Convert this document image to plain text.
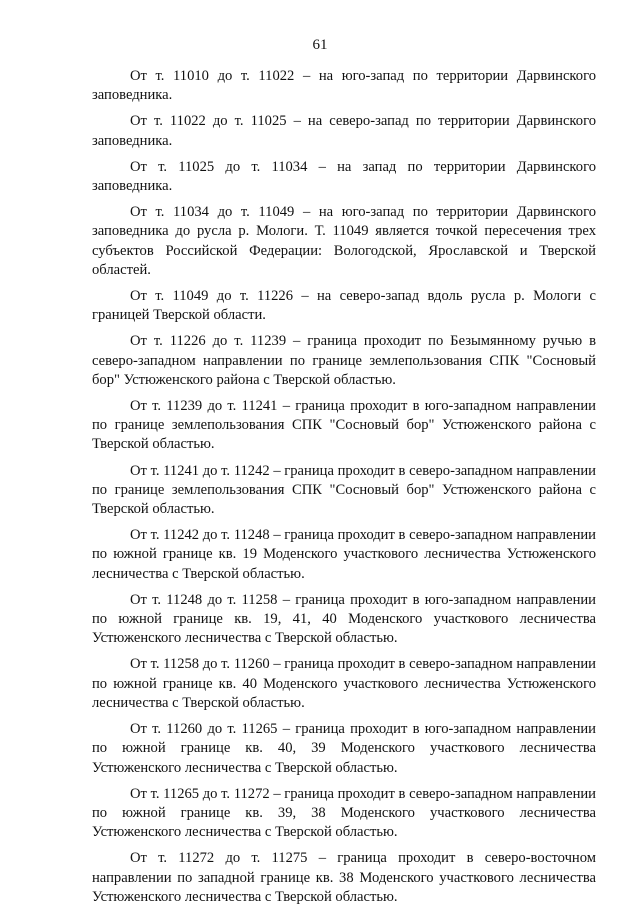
61

От т. 11010 до т. 11022 – на юго-запад по территории Дарвинского заповедника.

От т. 11022 до т. 11025 – на северо-запад по территории Дарвинского заповедника.

От т. 11025 до т. 11034 – на запад по территории Дарвинского заповедника.

От т. 11034 до т. 11049 – на юго-запад по территории Дарвинского заповедника до русла р. Мологи. Т. 11049 является точкой пересечения трех субъектов Российской Федерации: Вологодской, Ярославской и Тверской областей.

От т. 11049 до т. 11226 – на северо-запад вдоль русла р. Мологи с границей Тверской области.

От т. 11226 до т. 11239 – граница проходит по Безымянному ручью в северо-западном направлении по границе землепользования СПК "Сосновый бор" Устюженского района с Тверской областью.

От т. 11239 до т. 11241 – граница проходит в юго-западном направлении по границе землепользования СПК "Сосновый бор" Устюженского района с Тверской областью.

От т. 11241 до т. 11242 – граница проходит в северо-западном направлении по границе землепользования СПК "Сосновый бор" Устюженского района с Тверской областью.

От т. 11242 до т. 11248 – граница проходит в северо-западном направлении по южной границе кв. 19 Моденского участкового лесничества Устюженского лесничества с Тверской областью.

От т. 11248 до т. 11258 – граница проходит в юго-западном направлении по южной границе кв. 19, 41, 40 Моденского участкового лесничества Устюженского лесничества с Тверской областью.

От т. 11258 до т. 11260 – граница проходит в северо-западном направлении по южной границе кв. 40 Моденского участкового лесничества Устюженского лесничества с Тверской областью.

От т. 11260 до т. 11265 – граница проходит в юго-западном направлении по южной границе кв. 40, 39 Моденского участкового лесничества Устюженского лесничества с Тверской областью.

От т. 11265 до т. 11272 – граница проходит в северо-западном направлении по южной границе кв. 39, 38 Моденского участкового лесничества Устюженского лесничества с Тверской областью.

От т. 11272 до т. 11275 – граница проходит в северо-восточном направлении по западной границе кв. 38 Моденского участкового лесничества Устюженского лесничества с Тверской областью.
